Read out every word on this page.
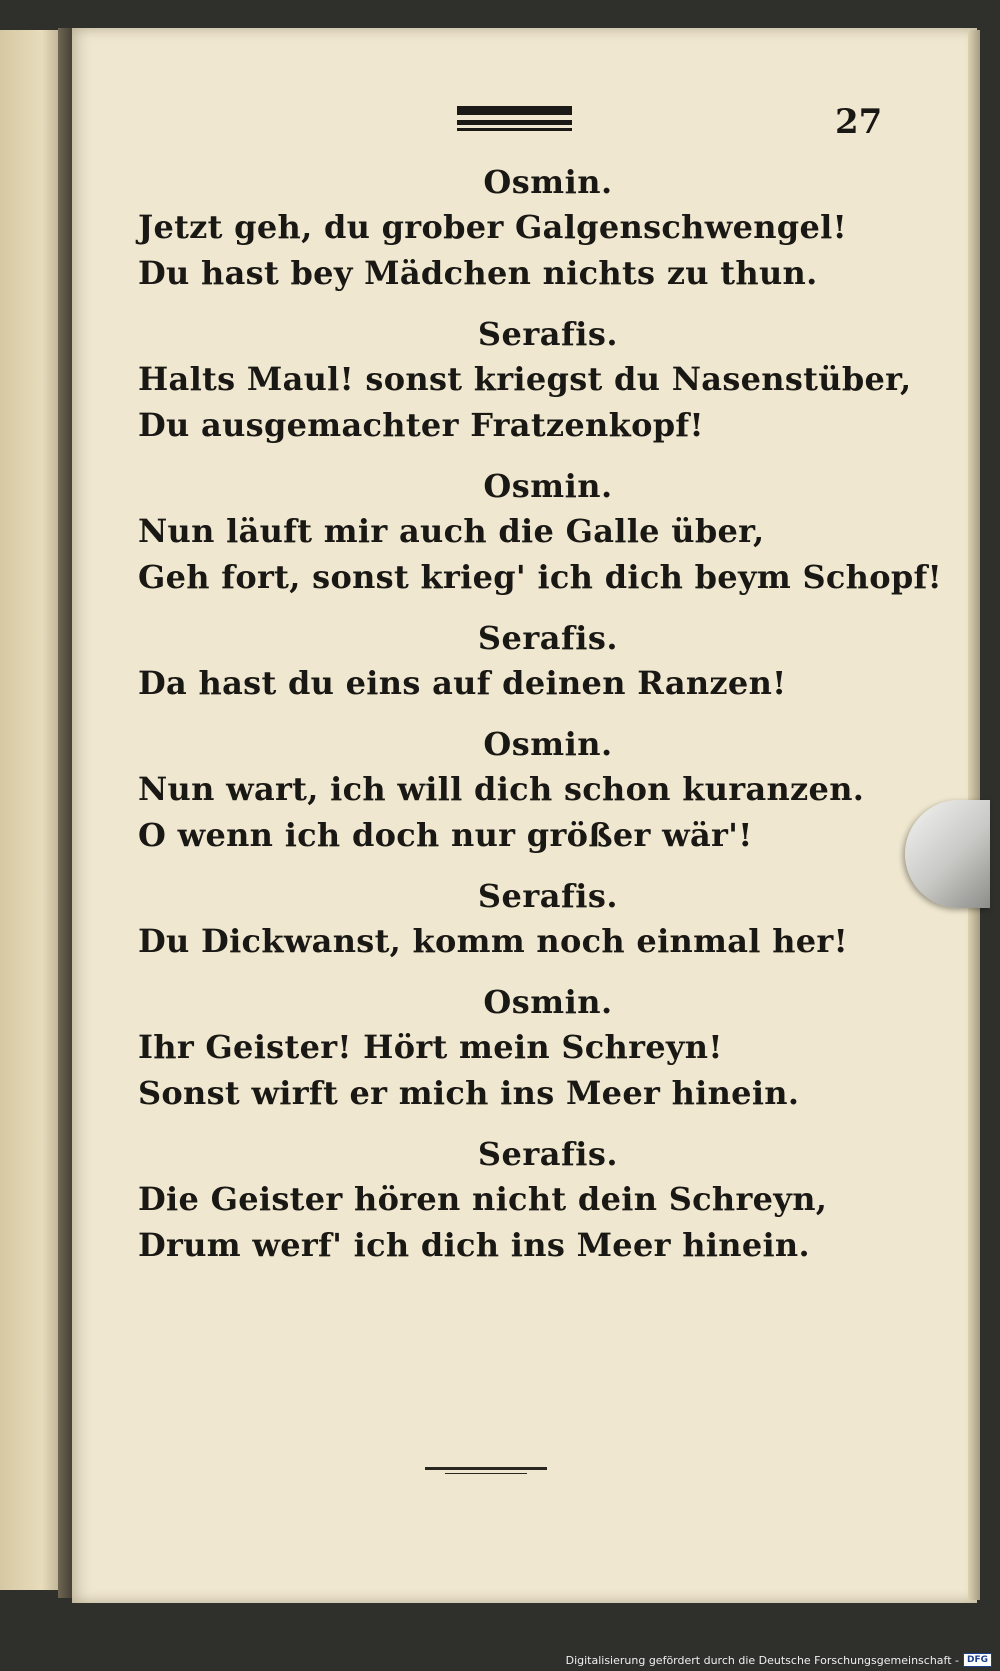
27
Osmin.
Jetzt geh, du grober Galgenschwengel!
Du hast bey Mädchen nichts zu thun.
Serafis.
Halts Maul! sonst kriegst du Nasenstüber,
Du ausgemachter Fratzenkopf!
Osmin.
Nun läuft mir auch die Galle über,
Geh fort, sonst krieg' ich dich beym Schopf!
Serafis.
Da hast du eins auf deinen Ranzen!
Osmin.
Nun wart, ich will dich schon kuranzen.
O wenn ich doch nur größer wär'!
Serafis.
Du Dickwanst, komm noch einmal her!
Osmin.
Ihr Geister! Hört mein Schreyn!
Sonst wirft er mich ins Meer hinein.
Serafis.
Die Geister hören nicht dein Schreyn,
Drum werf' ich dich ins Meer hinein.
Digitalisierung gefördert durch die Deutsche Forschungsgemeinschaft - DFG
